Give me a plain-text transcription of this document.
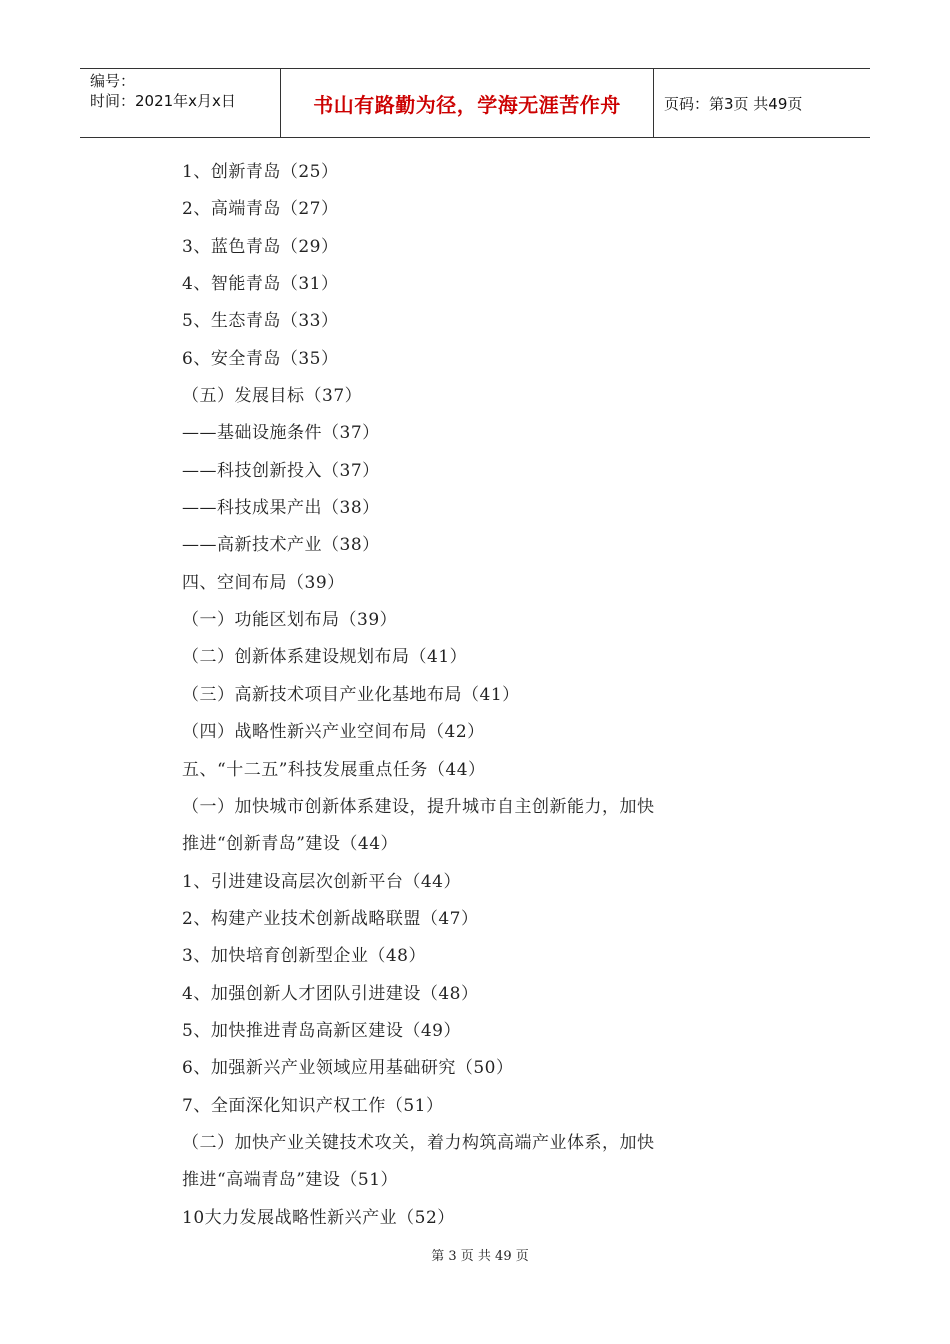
编号：
时间：2021年x月x日	书山有路勤为径，学海无涯苦作舟	页码：第3页 共49页
1、创新青岛（25）
2、高端青岛（27）
3、蓝色青岛（29）
4、智能青岛（31）
5、生态青岛（33）
6、安全青岛（35）
（五）发展目标（37）
——基础设施条件（37）
——科技创新投入（37）
——科技成果产出（38）
——高新技术产业（38）
四、空间布局（39）
（一）功能区划布局（39）
（二）创新体系建设规划布局（41）
（三）高新技术项目产业化基地布局（41）
（四）战略性新兴产业空间布局（42）
五、“十二五”科技发展重点任务（44）
（一）加快城市创新体系建设，提升城市自主创新能力，加快
推进“创新青岛”建设（44）
1、引进建设高层次创新平台（44）
2、构建产业技术创新战略联盟（47）
3、加快培育创新型企业（48）
4、加强创新人才团队引进建设（48）
5、加快推进青岛高新区建设（49）
6、加强新兴产业领域应用基础研究（50）
7、全面深化知识产权工作（51）
（二）加快产业关键技术攻关，着力构筑高端产业体系，加快
推进“高端青岛”建设（51）
10大力发展战略性新兴产业（52）
第 3 页 共 49 页
